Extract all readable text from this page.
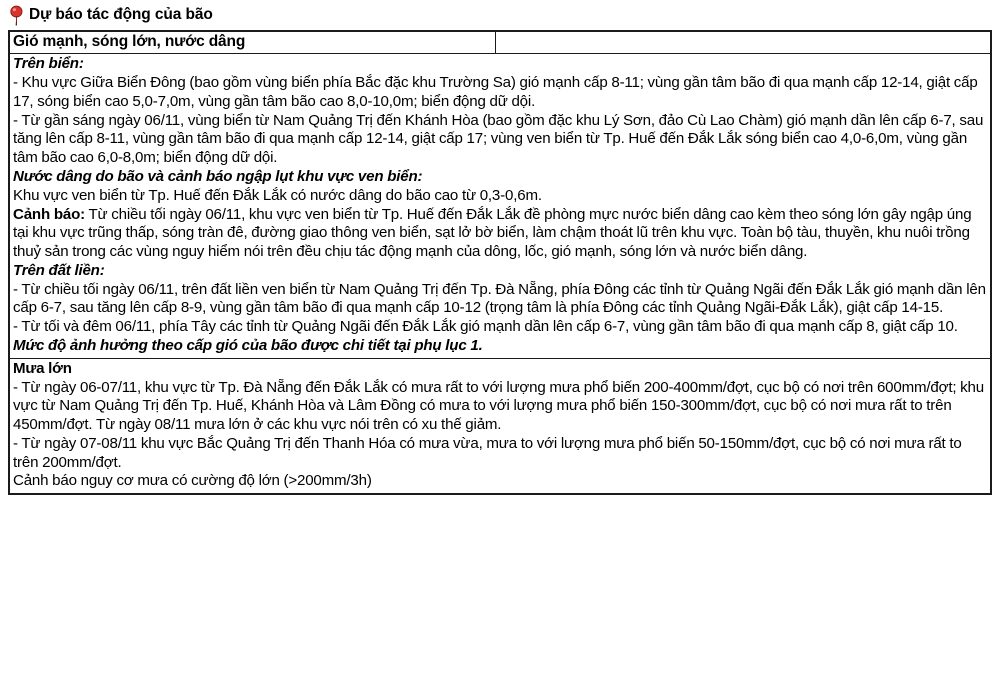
Dự báo tác động của bão
Gió mạnh, sóng lớn, nước dâng

Trên biển:

- Khu vực Giữa Biển Đông (bao gồm vùng biển phía Bắc đặc khu Trường Sa) gió mạnh cấp 8-11; vùng gần tâm bão đi qua mạnh cấp 12-14, giật cấp 17, sóng biển cao 5,0-7,0m, vùng gần tâm bão cao 8,0-10,0m; biển động dữ dội.

- Từ gần sáng ngày 06/11, vùng biển từ Nam Quảng Trị đến Khánh Hòa (bao gồm đặc khu Lý Sơn, đảo Cù Lao Chàm) gió mạnh dần lên cấp 6-7, sau tăng lên cấp 8-11, vùng gần tâm bão đi qua mạnh cấp 12-14, giật cấp 17; vùng ven biển từ Tp. Huế đến Đắk Lắk sóng biển cao 4,0-6,0m, vùng gần tâm bão cao 6,0-8,0m; biển động dữ dội.

Nước dâng do bão và cảnh báo ngập lụt khu vực ven biển:

Khu vực ven biển từ Tp. Huế đến Đắk Lắk có nước dâng do bão cao từ 0,3-0,6m.

Cảnh báo: Từ chiều tối ngày 06/11, khu vực ven biển từ Tp. Huế đến Đắk Lắk đề phòng mực nước biển dâng cao kèm theo sóng lớn gây ngập úng tại khu vực trũng thấp, sóng tràn đê, đường giao thông ven biển, sạt lở bờ biển, làm chậm thoát lũ trên khu vực. Toàn bộ tàu, thuyền, khu nuôi trồng thuỷ sản trong các vùng nguy hiểm nói trên đều chịu tác động mạnh của dông, lốc, gió mạnh, sóng lớn và nước biển dâng.

Trên đất liền:

- Từ chiều tối ngày 06/11, trên đất liền ven biển từ Nam Quảng Trị đến Tp. Đà Nẵng, phía Đông các tỉnh từ Quảng Ngãi đến Đắk Lắk gió mạnh dần lên cấp 6-7, sau tăng lên cấp 8-9, vùng gần tâm bão đi qua mạnh cấp 10-12 (trọng tâm là phía Đông các tỉnh Quảng Ngãi-Đắk Lắk), giật cấp 14-15.

- Từ tối và đêm 06/11, phía Tây các tỉnh từ Quảng Ngãi đến Đắk Lắk gió mạnh dần lên cấp 6-7, vùng gần tâm bão đi qua mạnh cấp 8, giật cấp 10.

Mức độ ảnh hưởng theo cấp gió của bão được chi tiết tại phụ lục 1.

Mưa lớn

- Từ ngày 06-07/11, khu vực từ Tp. Đà Nẵng đến Đắk Lắk có mưa rất to với lượng mưa phổ biến 200-400mm/đợt, cục bộ có nơi trên 600mm/đợt; khu vực từ Nam Quảng Trị đến Tp. Huế, Khánh Hòa và Lâm Đồng có mưa to với lượng mưa phổ biến 150-300mm/đợt, cục bộ có nơi mưa rất to trên 450mm/đợt. Từ ngày 08/11 mưa lớn ở các khu vực nói trên có xu thế giảm.

- Từ ngày 07-08/11 khu vực Bắc Quảng Trị đến Thanh Hóa có mưa vừa, mưa to với lượng mưa phổ biến 50-150mm/đợt, cục bộ có nơi mưa rất to trên 200mm/đợt.

Cảnh báo nguy cơ mưa có cường độ lớn (>200mm/3h)
